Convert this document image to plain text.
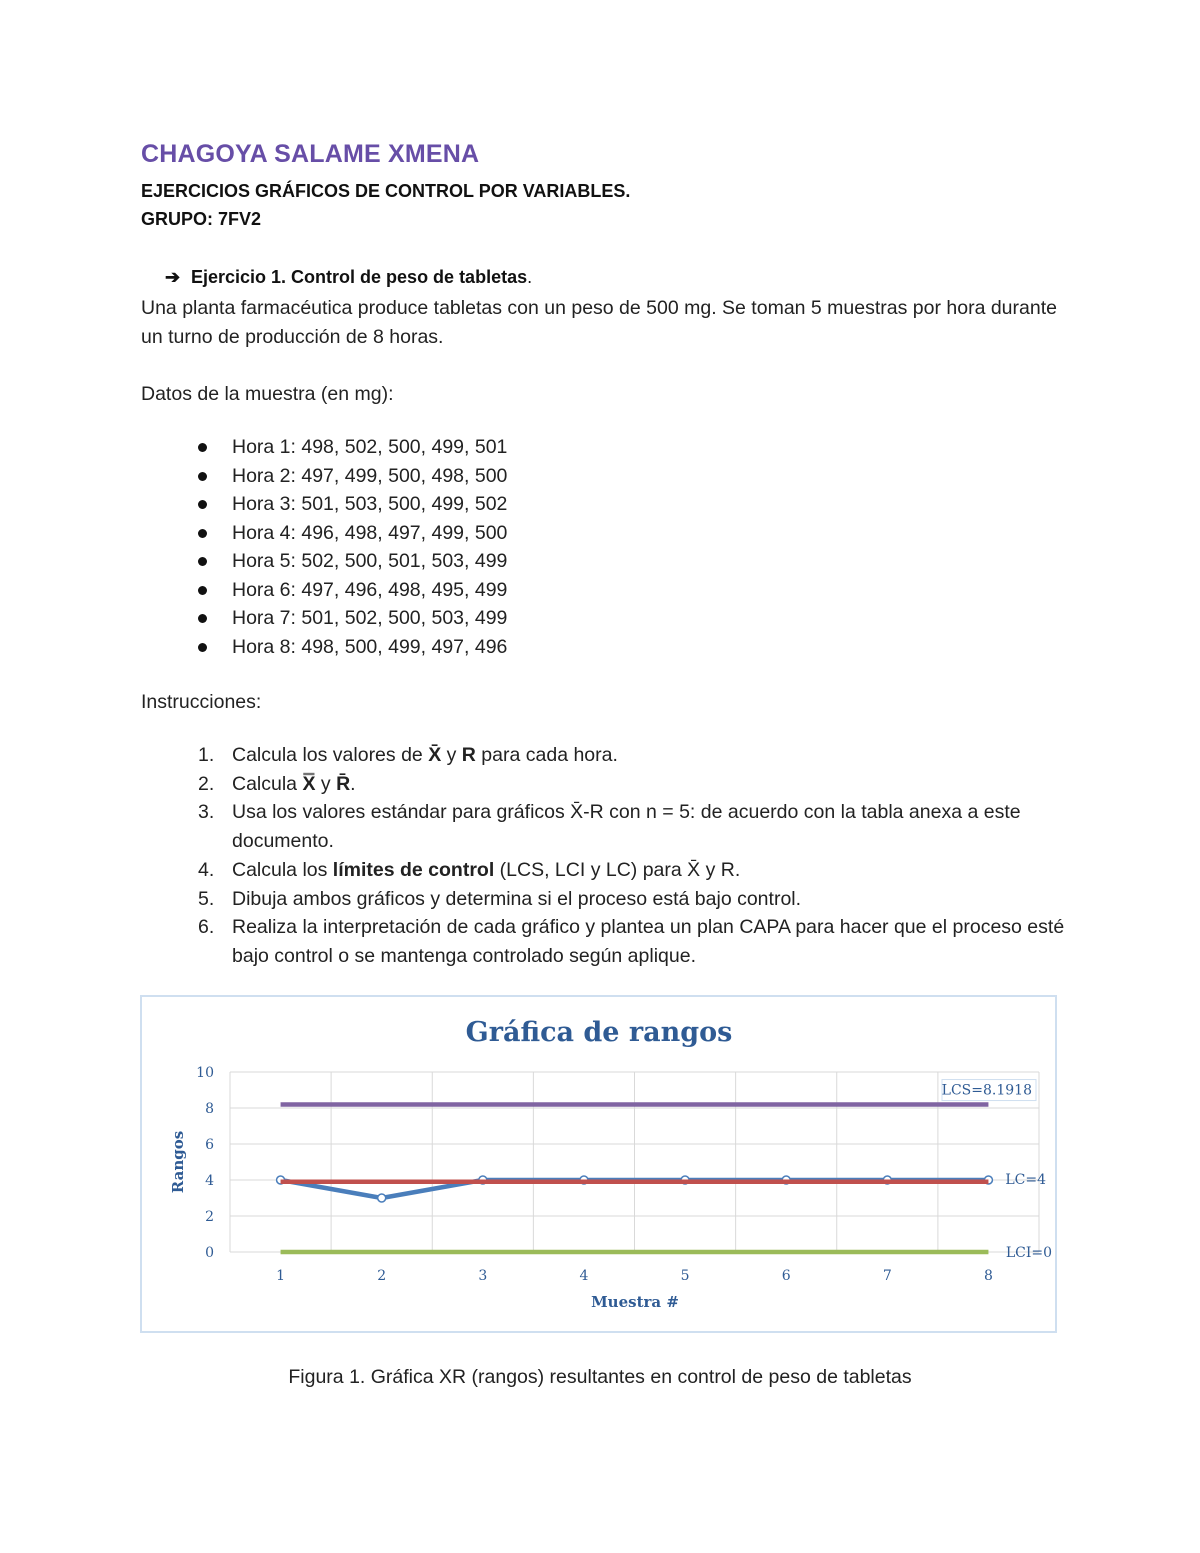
CHAGOYA SALAME XMENA
EJERCICIOS GRÁFICOS DE CONTROL POR VARIABLES.
GRUPO: 7FV2
➔ Ejercicio 1. Control de peso de tabletas.
Una planta farmacéutica produce tabletas con un peso de 500 mg. Se toman 5 muestras por hora durante un turno de producción de 8 horas.
Datos de la muestra (en mg):
Hora 1: 498, 502, 500, 499, 501
Hora 2: 497, 499, 500, 498, 500
Hora 3: 501, 503, 500, 499, 502
Hora 4: 496, 498, 497, 499, 500
Hora 5: 502, 500, 501, 503, 499
Hora 6: 497, 496, 498, 495, 499
Hora 7: 501, 502, 500, 503, 499
Hora 8: 498, 500, 499, 497, 496
Instrucciones:
1. Calcula los valores de X̄ y R para cada hora.
2. Calcula X̿ y R̄.
3. Usa los valores estándar para gráficos X̄-R con n = 5: de acuerdo con la tabla anexa a este documento.
4. Calcula los límites de control (LCS, LCI y LC) para X̄ y R.
5. Dibuja ambos gráficos y determina si el proceso está bajo control.
6. Realiza la interpretación de cada gráfico y plantea un plan CAPA para hacer que el proceso esté bajo control o se mantenga controlado según aplique.
Gráfica de rangos
0
2
4
6
8
10
1	2	3	4	5	6	7	8
Muestra #
Rangos
LCS=8.1918
LC=4
LCI=0
Figura 1. Gráfica XR (rangos) resultantes en control de peso de tabletas
